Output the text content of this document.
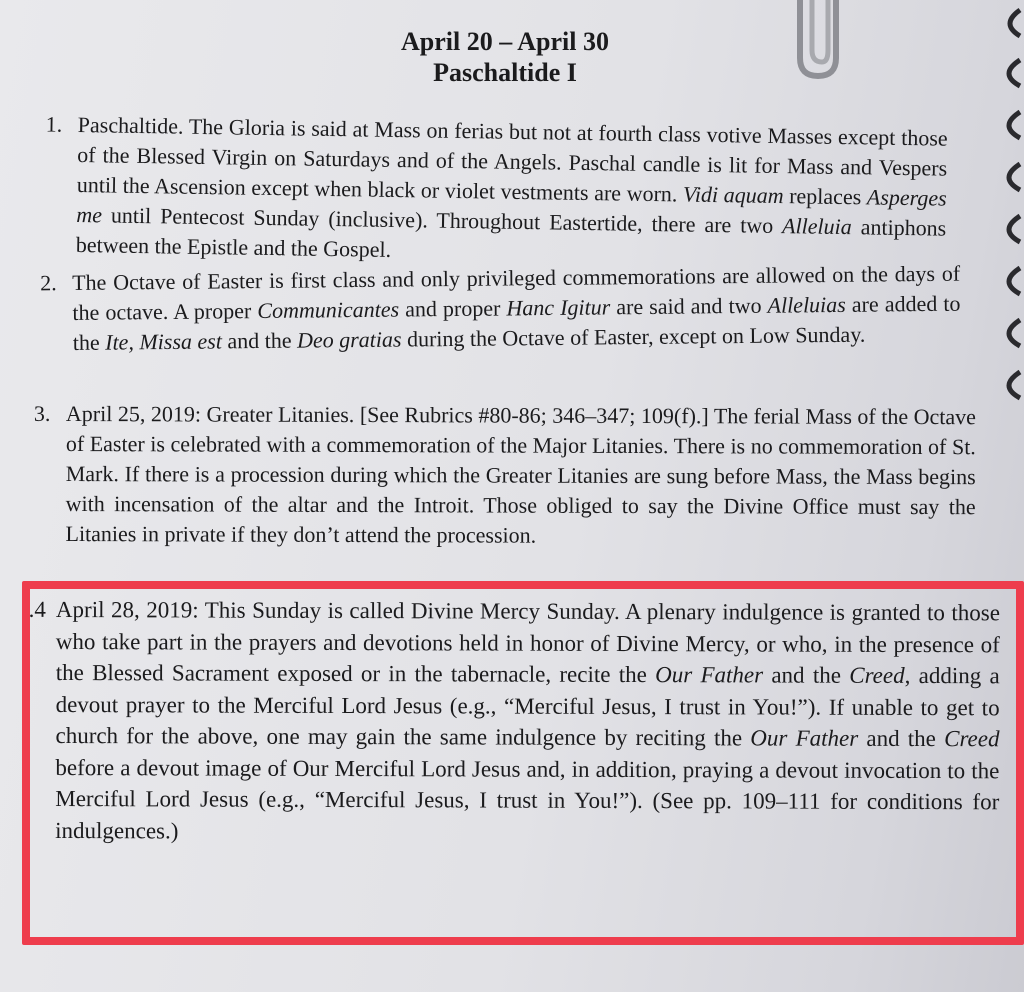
April 20 – April 30
Paschaltide I
1. Paschaltide. The Gloria is said at Mass on ferias but not at fourth class votive Masses except those of the Blessed Virgin on Saturdays and of the Angels. Paschal candle is lit for Mass and Vespers until the Ascension except when black or violet vestments are worn. Vidi aquam replaces Asperges me until Pentecost Sunday (inclusive). Throughout Eastertide, there are two Alleluia antiphons between the Epistle and the Gospel.

2. The Octave of Easter is first class and only privileged commemorations are allowed on the days of the octave. A proper Communicantes and proper Hanc Igitur are said and two Alleluias are added to the Ite, Missa est and the Deo gratias during the Octave of Easter, except on Low Sunday.

3. April 25, 2019: Greater Litanies. [See Rubrics #80-86; 346–347; 109(f).] The ferial Mass of the Octave of Easter is celebrated with a commemoration of the Major Litanies. There is no commemoration of St. Mark. If there is a procession during which the Greater Litanies are sung before Mass, the Mass begins with incensation of the altar and the Introit. Those obliged to say the Divine Office must say the Litanies in private if they don’t attend the procession.

4. April 28, 2019: This Sunday is called Divine Mercy Sunday. A plenary indulgence is granted to those who take part in the prayers and devotions held in honor of Divine Mercy, or who, in the presence of the Blessed Sacrament exposed or in the tabernacle, recite the Our Father and the Creed, adding a devout prayer to the Merciful Lord Jesus (e.g., “Merciful Jesus, I trust in You!”). If unable to get to church for the above, one may gain the same indulgence by reciting the Our Father and the Creed before a devout image of Our Merciful Lord Jesus and, in addition, praying a devout invocation to the Merciful Lord Jesus (e.g., “Merciful Jesus, I trust in You!”). (See pp. 109–111 for conditions for indulgences.)
